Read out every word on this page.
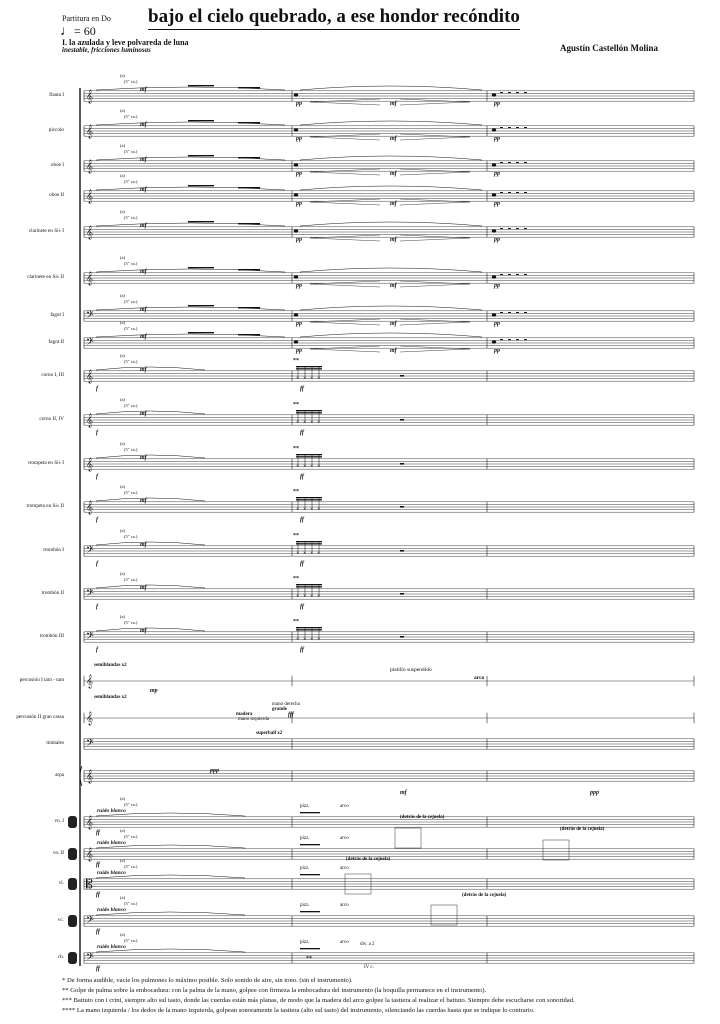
Partitura en Do
♩= 60
bajo el cielo quebrado, a ese hondor recóndito
I. la azulada y leve polvareda de luna
inestable, fricciones luminosas	Agustín Castellón Molina
× × × ×
× × × ×
× × × ×
× × × ×
× × × ×
× × × ×
× × × ×
𝄞
(a)
(5" ca.)
mf
pp	mf	pp
𝄞
(a)
(5" ca.)
mf
pp	mf	pp
𝄞
(a)
(5" ca.)
mf
pp	mf	pp
𝄞
(a)
(5" ca.)
mf
pp	mf	pp
𝄞
(a)
(5" ca.)
mf
pp	mf	pp
𝄞
(a)
(5" ca.)
mf
pp	mf	pp
𝄢
(a)
(5" ca.)
mf
pp	mf	pp
𝄢
(a)
(5" ca.)
mf
pp	mf	pp
𝄞
(a)
(5" ca.)
mf
**
ff
f
𝄞
(a)
(5" ca.)
mf
**
ff
f
𝄞
(a)
(5" ca.)
mf
**
ff
f
𝄞
(a)
(5" ca.)
mf
**
ff
f
𝄢
(a)
(5" ca.)
mf
**
ff
f
𝄢
(a)
(5" ca.)
mf
**
ff
f
𝄢
(a)
(5" ca.)
mf
**
ff
f
𝄞
𝄞
𝄢
𝄞
𝄞
ruido blanco
(a)
(5" ca.)	pizz.	arco
ff
𝄞
ruido blanco
(a)
(5" ca.)	pizz.	arco
ff
𝄡
ruido blanco
(a)
(5" ca.)	pizz.	arco
ff
𝄢
ruido blanco
(a)
(5" ca.)	pizz.	arco
ff
𝄢
ruido blanco
(a)
(5" ca.)	pizz.	arco
ff
platillo suspendido
arco
semiblandas x2
semiblandas x2
mano derecha
grande
madera
mano izquierda
superball x2
mp
fff
ppp
ppp
mf
(detrás de la cejuela)
(detrás de la cejuela)
(detrás de la cejuela)
(detrás de la cejuela)
div. a 2
IV c.
**
flauta I
piccolo
oboe I
oboe II
clarinete en Si♭ I
clarinete en Si♭ II
fagot I
fagot II
corno I, III
corno II, IV
trompeta en Si♭ I
trompeta en Si♭ II
trombón I
trombón II
trombón III
percusión I tam - tam
percusión II gran cassa
timbales
arpa
vn. I
vn. II
vl.
vc.
cb.
* De forma audible, vacíe los pulmones lo máximo posible. Solo sonido de aire, sin tono. (sin el instrumento).
** Golpe de palma sobre la embocadura: con la palma de la mano, golpee con firmeza la embocadura del instrumento (la boquilla permanece en el instrumento).
*** Battuto con i crini, siempre alto sul tasto, donde las cuerdas están más planas, de modo que la madera del arco golpee la tastiera al realizar el battuto. Siempre debe escucharse con sonoridad.
**** La mano izquierda / los dedos de la mano izquierda, golpean sonoramente la tastiera (alto sul tasto) del instrumento, silenciando las cuerdas hasta que se indique lo contrario.
